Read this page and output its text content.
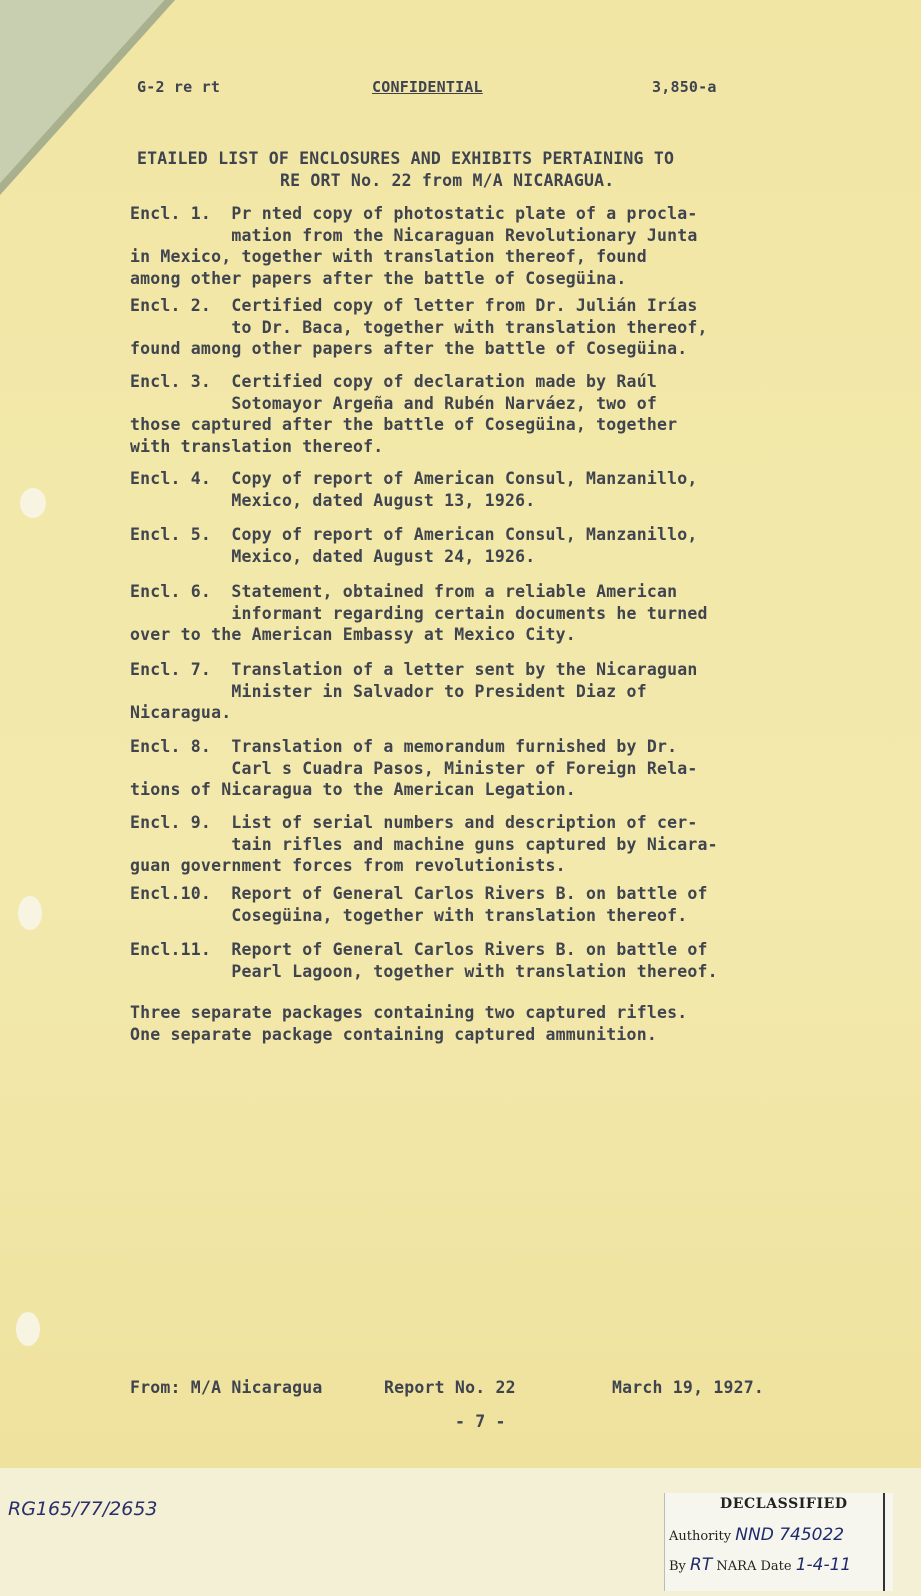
G-2 re rt	CONFIDENTIAL	3,850-a
ETAILED LIST OF ENCLOSURES AND EXHIBITS PERTAINING TO
RE ORT No. 22 from M/A NICARAGUA.
Encl. 1.  Pr nted copy of photostatic plate of a procla-
mation from the Nicaraguan Revolutionary Junta
in Mexico, together with translation thereof, found
among other papers after the battle of Cosegüina.
Encl. 2.  Certified copy of letter from Dr. Julián Irías
to Dr. Baca, together with translation thereof,
found among other papers after the battle of Cosegüina.
Encl. 3.  Certified copy of declaration made by Raúl
Sotomayor Argeña and Rubén Narváez, two of
those captured after the battle of Cosegüina, together
with translation thereof.
Encl. 4.  Copy of report of American Consul, Manzanillo,
Mexico, dated August 13, 1926.
Encl. 5.  Copy of report of American Consul, Manzanillo,
Mexico, dated August 24, 1926.
Encl. 6.  Statement, obtained from a reliable American
informant regarding certain documents he turned
over to the American Embassy at Mexico City.
Encl. 7.  Translation of a letter sent by the Nicaraguan
Minister in Salvador to President Diaz of
Nicaragua.
Encl. 8.  Translation of a memorandum furnished by Dr.
Carl s Cuadra Pasos, Minister of Foreign Rela-
tions of Nicaragua to the American Legation.
Encl. 9.  List of serial numbers and description of cer-
tain rifles and machine guns captured by Nicara-
guan government forces from revolutionists.
Encl.10.  Report of General Carlos Rivers B. on battle of
Cosegüina, together with translation thereof.
Encl.11.  Report of General Carlos Rivers B. on battle of
Pearl Lagoon, together with translation thereof.
Three separate packages containing two captured rifles.
One separate package containing captured ammunition.
From: M/A Nicaragua	Report No. 22	March 19, 1927.
- 7 -
RG165/77/2653	DECLASSIFIED
Authority NND 745022
By RT NARA Date 1-4-11
